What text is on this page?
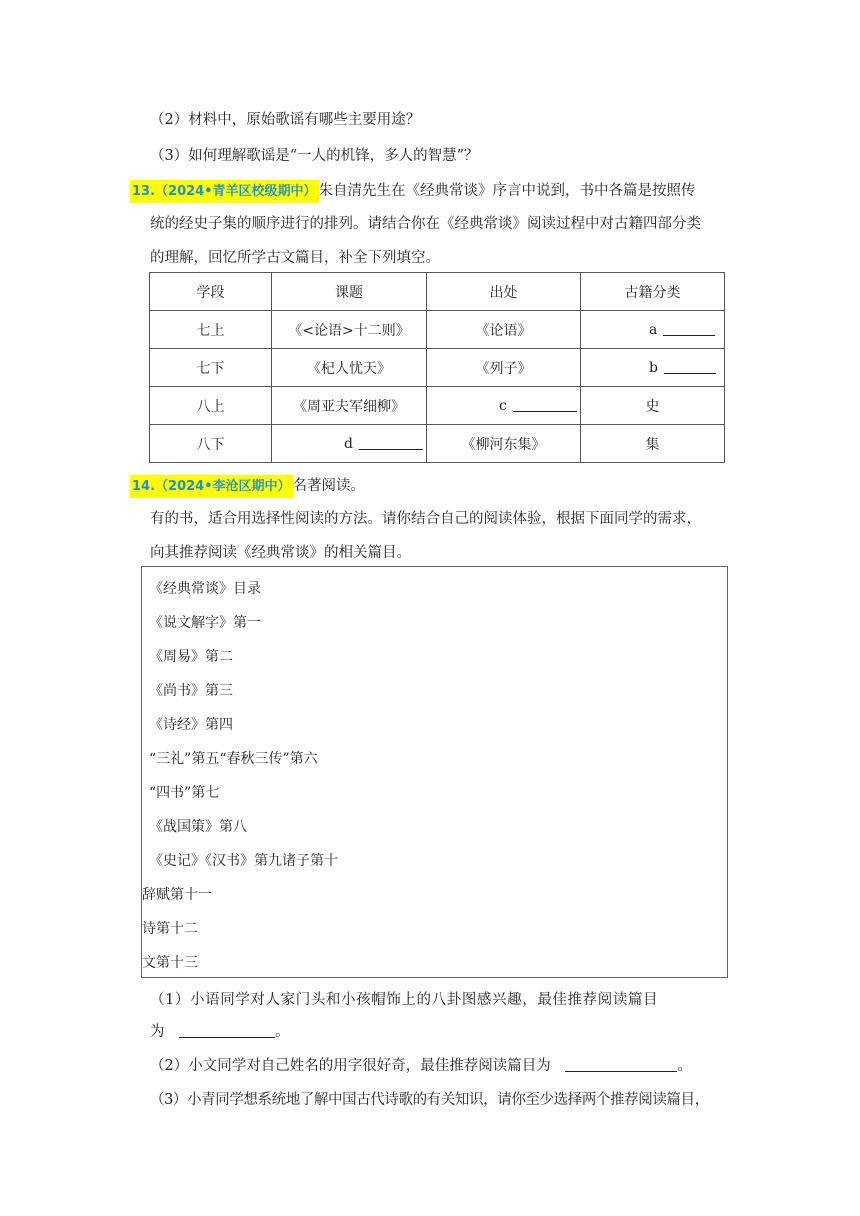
（2）材料中，原始歌谣有哪些主要用途？
（3）如何理解歌谣是“一人的机锋，多人的智慧”？
13.（2024•青羊区校级期中） 朱自清先生在《经典常谈》序言中说到，书中各篇是按照传
统的经史子集的顺序进行的排列。请结合你在《经典常谈》阅读过程中对古籍四部分类
的理解，回忆所学古文篇目，补全下列填空。
学段	课题	出处	古籍分类
七上	《<论语>十二则》	《论语》	a
七下	《杞人忧天》	《列子》	b
八上	《周亚夫军细柳》	c	史
八下	d	《柳河东集》	集
14.（2024•李沧区期中） 名著阅读。
有的书，适合用选择性阅读的方法。请你结合自己的阅读体验，根据下面同学的需求，
向其推荐阅读《经典常谈》的相关篇目。
《经典常谈》目录
《说文解字》第一
《周易》第二
《尚书》第三
《诗经》第四
“三礼”第五“春秋三传”第六
“四书”第七
《战国策》第八
《史记》《汉书》第九诸子第十
辞赋第十一
诗第十二
文第十三
（1）小语同学对人家门头和小孩帽饰上的八卦图感兴趣，最佳推荐阅读篇目
为	。
（2）小文同学对自己姓名的用字很好奇，最佳推荐阅读篇目为	。
（3）小青同学想系统地了解中国古代诗歌的有关知识，请你至少选择两个推荐阅读篇目，
